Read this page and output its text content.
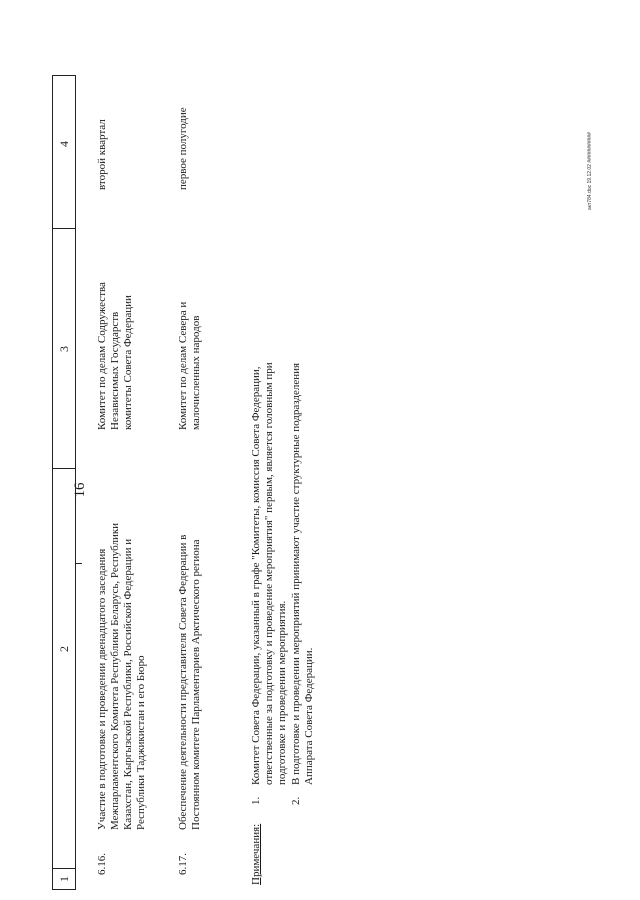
16
1
2
3
4
6.16.
Участие в подготовке и проведении двенадцатого заседания Межпарламентского Комитета Республики Беларусь, Республики Казахстан, Кыргызской Республики, Российской Федерации и Республики Таджикистан и его Бюро
Комитет по делам Содружества Независимых Государств комитеты Совета Федерации
второй квартал
6.17.
Обеспечение деятельности представителя Совета Федерации в Постоянном комитете Парламентариев Арктического региона
Комитет по делам Севера и малочисленных народов
первое полугодие
Примечания:
1.
Комитет Совета Федерации, указанный в графе "Комитеты, комиссия Совета Федерации, ответственные за подготовку и проведение мероприятия" первым, является головным при подготовке и проведении мероприятия.
2.
В подготовке и проведении мероприятий принимают участие структурные подразделения Аппарата Совета Федерации.
акт784.doc 19.12.02 ###########
